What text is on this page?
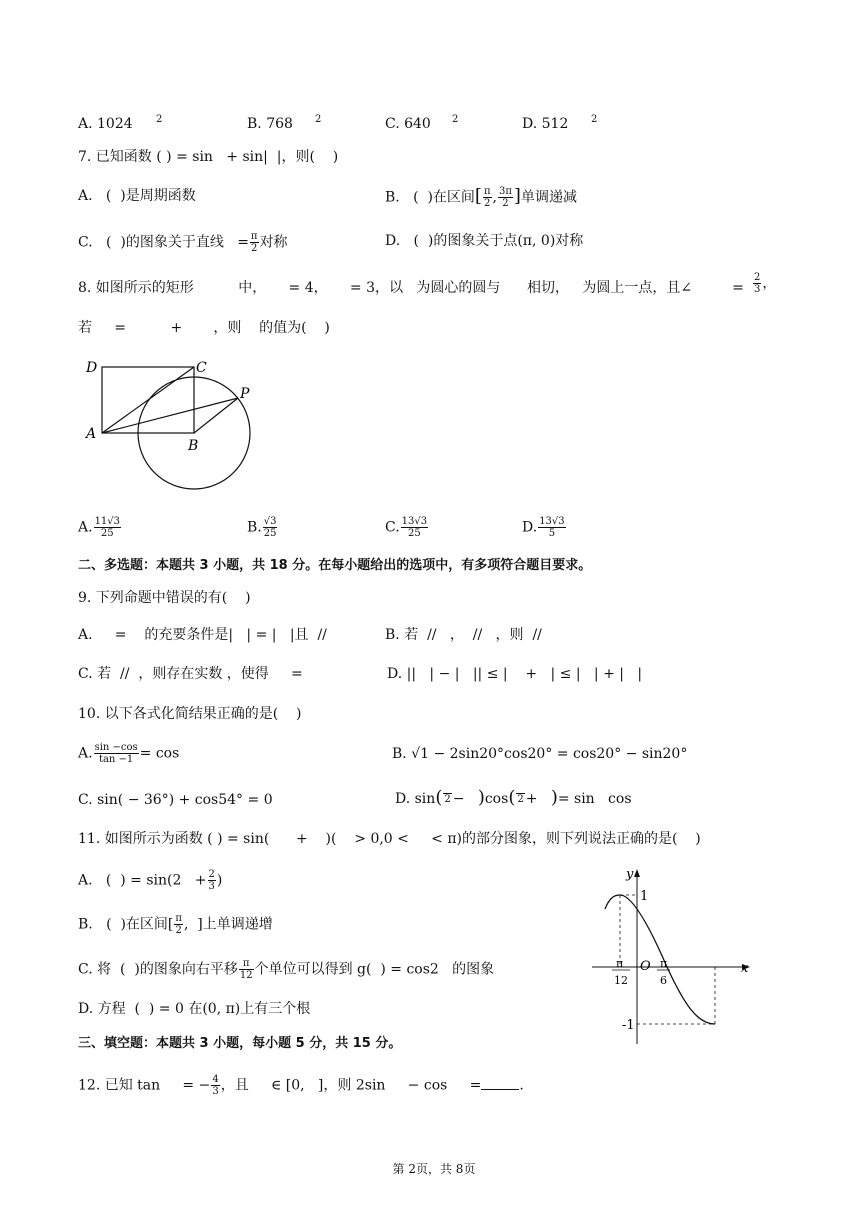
A. 1024 2	B. 768 2	C. 640 2	D. 512 2
7. 已知函数 ( ) = sin   + sin|  |，则(    )
A.   (  )是周期函数	B.   (  )在区间[ $\frac{\pi}{2}$ , $\frac{3\pi}{2}$ ]单调递减
C.   (  )的图象关于直线   = $\frac{\pi}{2}$ 对称	D.   (  )的图象关于点(π, 0)对称
8. 如图所示的矩形          中，     = 4，     = 3，以   为圆心的圆与      相切，   为圆上一点，且∠         = $\frac{2}{3}$ ，
若     =          +       ，则    的值为(    )
D	C
A
B
P
A. $\frac{11√3}{25}$	B. $\frac{√3}{25}$	C. $\frac{13√3}{25}$	D. $\frac{13√3}{5}$
二、多选题：本题共 3 小题，共 18 分。在每小题给出的选项中，有多项符合题目要求。
9. 下列命题中错误的有(    )
A.     =    的充要条件是|   | = |   |且  //	B. 若  //   ，  //   ，则  //
C. 若  //  ，则存在实数 ，使得     =	D. ||   | − |   || ≤ |    +   | ≤ |   | + |   |
10. 以下各式化简结果正确的是(    )
A. $\frac{\sin -\cos}{\tan -1} = \cos$	B. √1 − 2sin20°cos20° = cos20° − sin20°
C. sin( − 36°) + cos54° = 0	D. sin( 2 −   )cos( 2 +   )= sin   cos
11. 如图所示为函数 ( ) = sin(      +    )(    > 0,0 <     < π)的部分图象，则下列说法正确的是(    )
A.   (  ) = $\sin(2 + \frac{2}{3}$ )
B.   (  )在区间[ $\frac{\pi}{2}$ ,  ]上单调递增
C. 将  (  )的图象向右平移 $\frac{\pi}{12}$ 个单位可以得到 g(  ) = cos2   的图象
D. 方程  (  ) = 0 在(0, π)上有三个根
y
x
1
-1
O
π
12
π
6
三、填空题：本题共 3 小题，每小题 5 分，共 15 分。
12. 已知 tan     = − $\frac{4}{3}$ ，且     ∈ [0,   ]，则 2sin     − cos     =	.
第 2页，共 8页
